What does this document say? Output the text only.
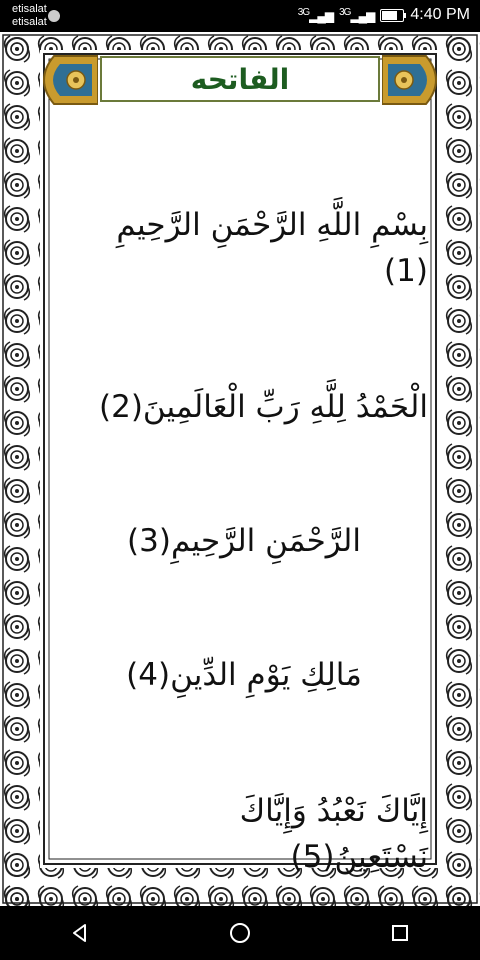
etisalat
etisalat
$^{3G}$▂▄▆ $^{3G}$▂▄▆ 4:40 PM
الفاتحه
بِسْمِ اللَّهِ الرَّحْمَنِ الرَّحِيمِ
(1)
الْحَمْدُ لِلَّهِ رَبِّ الْعَالَمِينَ(2)
الرَّحْمَنِ الرَّحِيمِ(3)
مَالِكِ يَوْمِ الدِّينِ(4)
إِيَّاكَ نَعْبُدُ وَإِيَّاكَ
نَسْتَعِينُ(5)
